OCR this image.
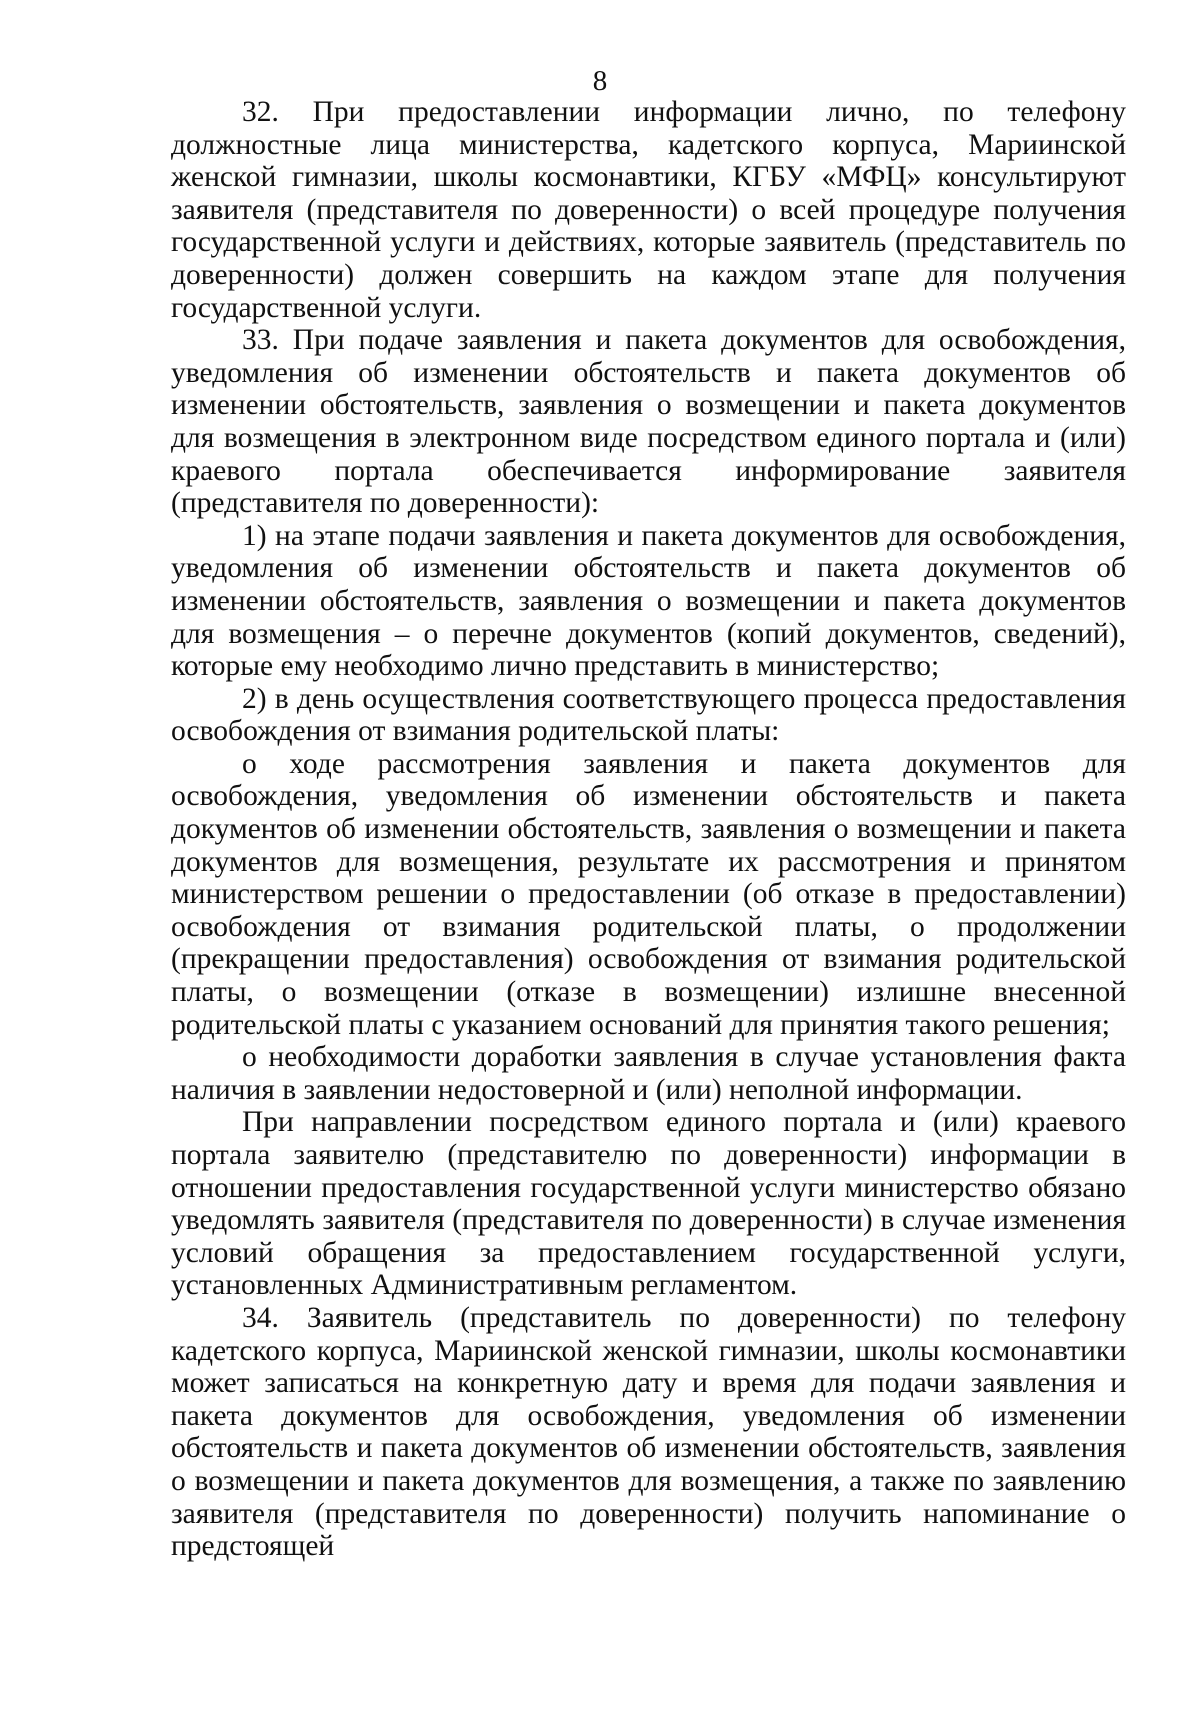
8

32. При предоставлении информации лично, по телефону должностные лица министерства, кадетского корпуса, Мариинской женской гимназии, школы космонавтики, КГБУ «МФЦ» консультируют заявителя (представителя по доверенности) о всей процедуре получения государственной услуги и действиях, которые заявитель (представитель по доверенности) должен совершить на каждом этапе для получения государственной услуги.

33. При подаче заявления и пакета документов для освобождения, уведомления об изменении обстоятельств и пакета документов об изменении обстоятельств, заявления о возмещении и пакета документов для возмещения в электронном виде посредством единого портала и (или) краевого портала обеспечивается информирование заявителя (представителя по доверенности):

1) на этапе подачи заявления и пакета документов для освобождения, уведомления об изменении обстоятельств и пакета документов об изменении обстоятельств, заявления о возмещении и пакета документов для возмещения – о перечне документов (копий документов, сведений), которые ему необходимо лично представить в министерство;

2) в день осуществления соответствующего процесса предоставления освобождения от взимания родительской платы:

о ходе рассмотрения заявления и пакета документов для освобождения, уведомления об изменении обстоятельств и пакета документов об изменении обстоятельств, заявления о возмещении и пакета документов для возмещения, результате их рассмотрения и принятом министерством решении о предоставлении (об отказе в предоставлении) освобождения от взимания родительской платы, о продолжении (прекращении предоставления) освобождения от взимания родительской платы, о возмещении (отказе в возмещении) излишне внесенной родительской платы с указанием оснований для принятия такого решения;

о необходимости доработки заявления в случае установления факта наличия в заявлении недостоверной и (или) неполной информации.

При направлении посредством единого портала и (или) краевого портала заявителю (представителю по доверенности) информации в отношении предоставления государственной услуги министерство обязано уведомлять заявителя (представителя по доверенности) в случае изменения условий обращения за предоставлением государственной услуги, установленных Административным регламентом.

34. Заявитель (представитель по доверенности) по телефону кадетского корпуса, Мариинской женской гимназии, школы космонавтики может записаться на конкретную дату и время для подачи заявления и пакета документов для освобождения, уведомления об изменении обстоятельств и пакета документов об изменении обстоятельств, заявления о возмещении и пакета документов для возмещения, а также по заявлению заявителя (представителя по доверенности) получить напоминание о предстоящей
